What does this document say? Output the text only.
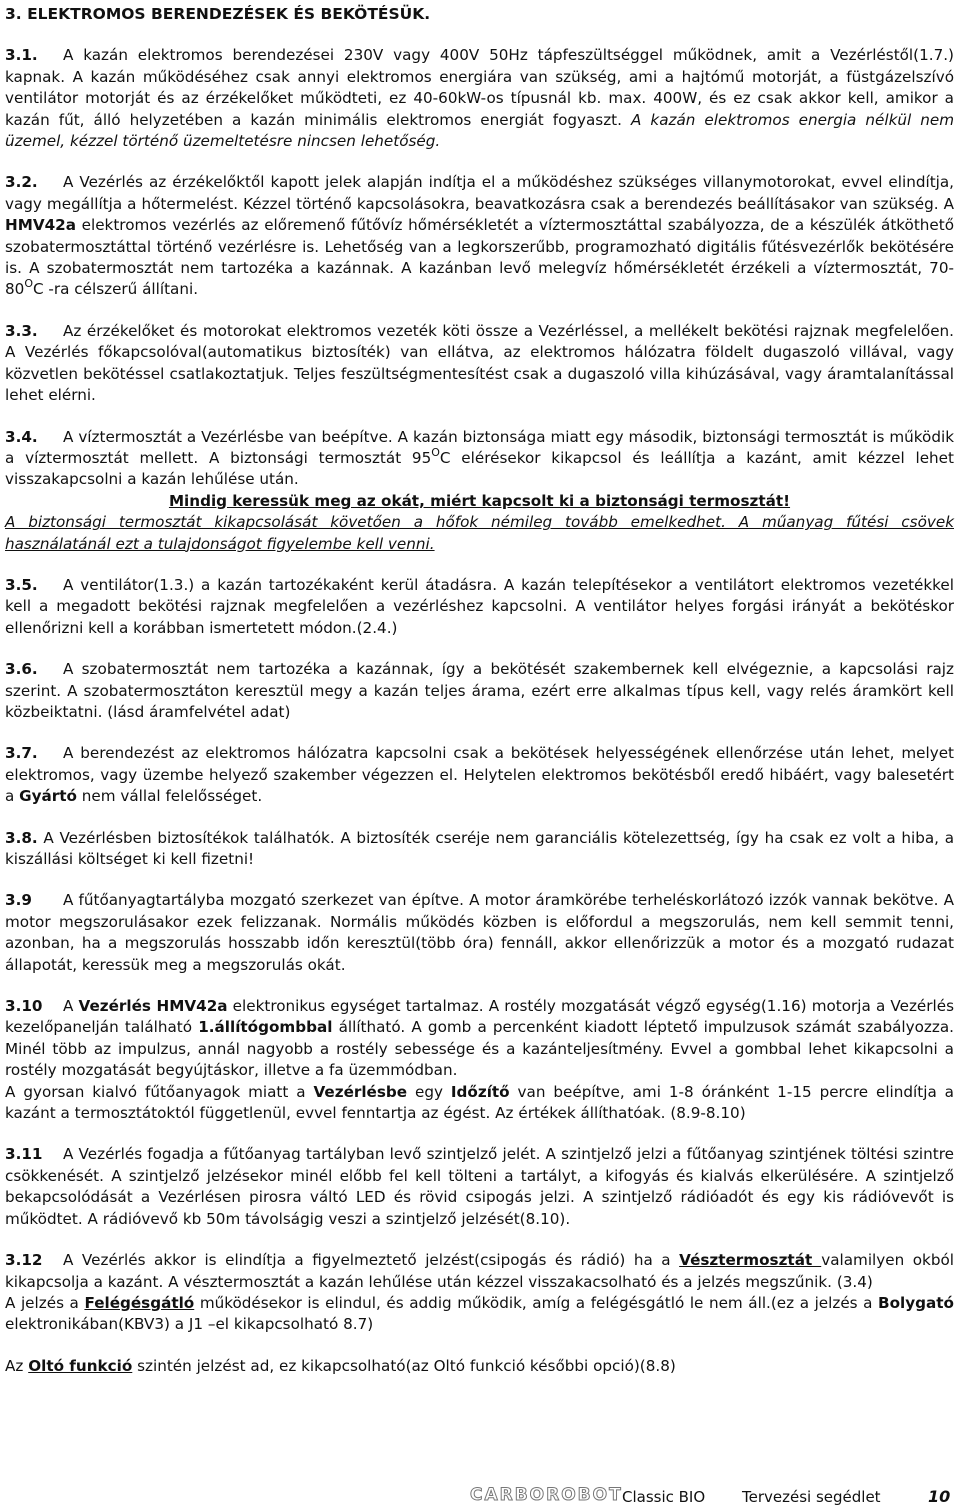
3. ELEKTROMOS BERENDEZÉSEK ÉS BEKÖTÉSÜK.

3.1. A kazán elektromos berendezései 230V vagy 400V 50Hz tápfeszültséggel működnek, amit a Vezérléstől(1.7.) kapnak. A kazán működéséhez csak annyi elektromos energiára van szükség, ami a hajtómű motorját, a füstgázelszívó ventilátor motorját és az érzékelőket működteti, ez 40-60kW-os típusnál kb. max. 400W, és ez csak akkor kell, amikor a kazán fűt, álló helyzetében a kazán minimális elektromos energiát fogyaszt. A kazán elektromos energia nélkül nem üzemel, kézzel történő üzemeltetésre nincsen lehetőség.

3.2. A Vezérlés az érzékelőktől kapott jelek alapján indítja el a működéshez szükséges villanymotorokat, evvel elindítja, vagy megállítja a hőtermelést. Kézzel történő kapcsolásokra, beavatkozásra csak a berendezés beállításakor van szükség. A HMV42a elektromos vezérlés az előremenő fűtővíz hőmérsékletét a víztermosztáttal szabályozza, de a készülék átköthető szobatermosztáttal történő vezérlésre is. Lehetőség van a legkorszerűbb, programozható digitális fűtésvezérlők bekötésére is. A szobatermosztát nem tartozéka a kazánnak. A kazánban levő melegvíz hőmérsékletét érzékeli a víztermosztát, $70-80^OC$ -ra célszerű állítani.

3.3. Az érzékelőket és motorokat elektromos vezeték köti össze a Vezérléssel, a mellékelt bekötési rajznak megfelelően. A Vezérlés főkapcsolóval(automatikus biztosíték) van ellátva, az elektromos hálózatra földelt dugaszoló villával, vagy közvetlen bekötéssel csatlakoztatjuk. Teljes feszültségmentesítést csak a dugaszoló villa kihúzásával, vagy áramtalanítással lehet elérni.

3.4. A víztermosztát a Vezérlésbe van beépítve. A kazán biztonsága miatt egy második, biztonsági termosztát is működik a víztermosztát mellett. A biztonsági termosztát $95^OC$ elérésekor kikapcsol és leállítja a kazánt, amit kézzel lehet visszakapcsolni a kazán lehűlése után.

Mindig keressük meg az okát, miért kapcsolt ki a biztonsági termosztát!

A biztonsági termosztát kikapcsolását követően a hőfok némileg tovább emelkedhet. A műanyag fűtési csövek használatánál ezt a tulajdonságot figyelembe kell venni.

3.5. A ventilátor(1.3.) a kazán tartozékaként kerül átadásra. A kazán telepítésekor a ventilátort elektromos vezetékkel kell a megadott bekötési rajznak megfelelően a vezérléshez kapcsolni. A ventilátor helyes forgási irányát a bekötéskor ellenőrizni kell a korábban ismertetett módon.(2.4.)

3.6. A szobatermosztát nem tartozéka a kazánnak, így a bekötését szakembernek kell elvégeznie, a kapcsolási rajz szerint. A szobatermosztáton keresztül megy a kazán teljes árama, ezért erre alkalmas típus kell, vagy relés áramkört kell közbeiktatni. (lásd áramfelvétel adat)

3.7. A berendezést az elektromos hálózatra kapcsolni csak a bekötések helyességének ellenőrzése után lehet, melyet elektromos, vagy üzembe helyező szakember végezzen el. Helytelen elektromos bekötésből eredő hibáért, vagy balesetért a Gyártó nem vállal felelősséget.

3.8. A Vezérlésben biztosítékok találhatók. A biztosíték cseréje nem garanciális kötelezettség, így ha csak ez volt a hiba, a kiszállási költséget ki kell fizetni!

3.9 A fűtőanyagtartályba mozgató szerkezet van építve. A motor áramkörébe terheléskorlátozó izzók vannak bekötve. A motor megszorulásakor ezek felizzanak. Normális működés közben is előfordul a megszorulás, nem kell semmit tenni, azonban, ha a megszorulás hosszabb időn keresztül(több óra) fennáll, akkor ellenőrizzük a motor és a mozgató rudazat állapotát, keressük meg a megszorulás okát.

3.10 A Vezérlés HMV42a elektronikus egységet tartalmaz. A rostély mozgatását végző egység(1.16) motorja a Vezérlés kezelőpanelján található 1.állítógombbal állítható. A gomb a percenként kiadott léptető impulzusok számát szabályozza. Minél több az impulzus, annál nagyobb a rostély sebessége és a kazánteljesítmény. Evvel a gombbal lehet kikapcsolni a rostély mozgatását begyújtáskor, illetve a fa üzemmódban.

A gyorsan kialvó fűtőanyagok miatt a Vezérlésbe egy Időzítő van beépítve, ami 1-8 óránként 1-15 percre elindítja a kazánt a termosztátoktól függetlenül, evvel fenntartja az égést. Az értékek állíthatóak. (8.9-8.10)

3.11 A Vezérlés fogadja a fűtőanyag tartályban levő szintjelző jelét. A szintjelző jelzi a fűtőanyag szintjének töltési szintre csökkenését. A szintjelző jelzésekor minél előbb fel kell tölteni a tartályt, a kifogyás és kialvás elkerülésére. A szintjelző bekapcsolódását a Vezérlésen pirosra váltó LED és rövid csipogás jelzi. A szintjelző rádióadót és egy kis rádióvevőt is működtet. A rádióvevő kb 50m távolságig veszi a szintjelző jelzését(8.10).

3.12 A Vezérlés akkor is elindítja a figyelmeztető jelzést(csipogás és rádió) ha a Vésztermosztát valamilyen okból kikapcsolja a kazánt. A vésztermosztát a kazán lehűlése után kézzel visszakacsolható és a jelzés megszűnik. (3.4)

A jelzés a Felégésgátló működésekor is elindul, és addig működik, amíg a felégésgátló le nem áll.(ez a jelzés a Bolygató elektronikában(KBV3) a J1 –el kikapcsolható 8.7)

Az Oltó funkció szintén jelzést ad, ez kikapcsolható(az Oltó funkció későbbi opció)(8.8)

CARBOROBOT Classic BIO Tervezési segédlet	10
